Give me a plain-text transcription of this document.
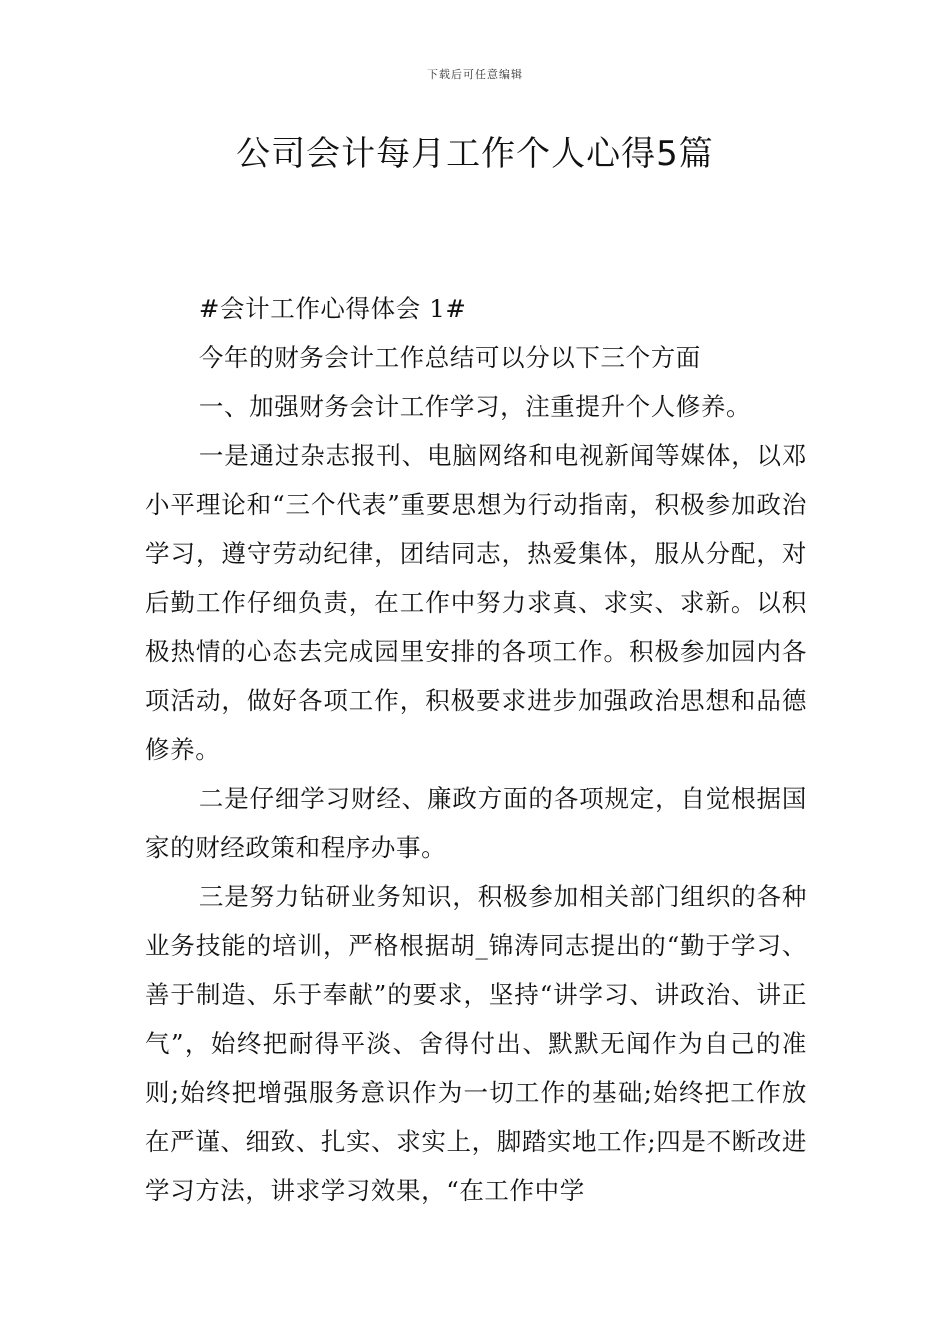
下载后可任意编辑
公司会计每月工作个人心得5篇

#会计工作心得体会 1#

今年的财务会计工作总结可以分以下三个方面

一、加强财务会计工作学习，注重提升个人修养。

一是通过杂志报刊、电脑网络和电视新闻等媒体，以邓小平理论和“三个代表”重要思想为行动指南，积极参加政治学习，遵守劳动纪律，团结同志，热爱集体，服从分配，对后勤工作仔细负责，在工作中努力求真、求实、求新。以积极热情的心态去完成园里安排的各项工作。积极参加园内各项活动，做好各项工作，积极要求进步加强政治思想和品德修养。

二是仔细学习财经、廉政方面的各项规定，自觉根据国家的财经政策和程序办事。

三是努力钻研业务知识，积极参加相关部门组织的各种业务技能的培训，严格根据胡_锦涛同志提出的“勤于学习、善于制造、乐于奉献”的要求，坚持“讲学习、讲政治、讲正气”，始终把耐得平淡、舍得付出、默默无闻作为自己的准则;始终把增强服务意识作为一切工作的基础;始终把工作放在严谨、细致、扎实、求实上，脚踏实地工作;四是不断改进学习方法，讲求学习效果，“在工作中学
